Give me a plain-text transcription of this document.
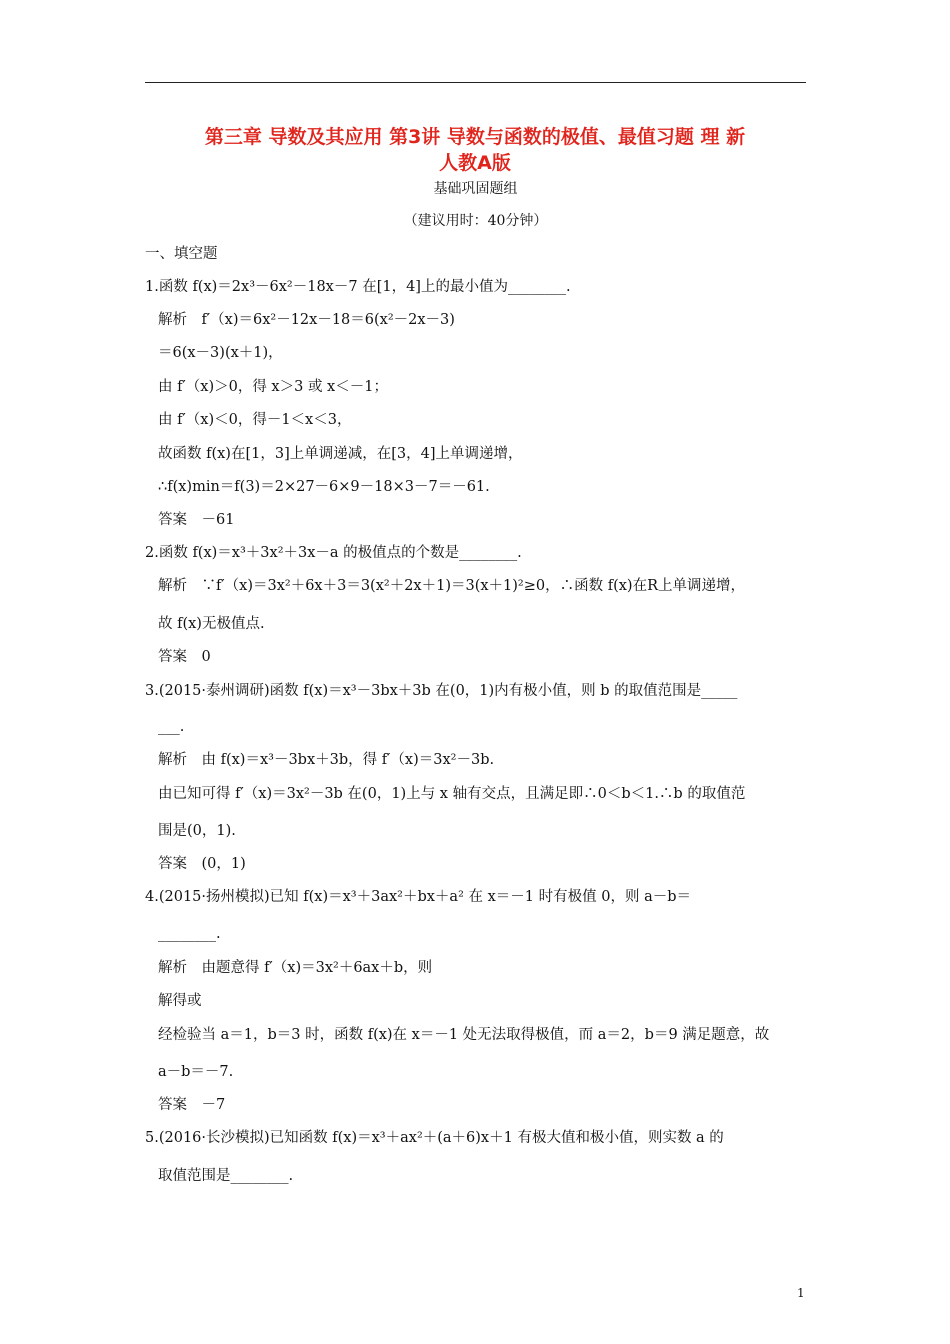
第三章 导数及其应用 第3讲 导数与函数的极值、最值习题 理 新
人教A版
基础巩固题组
（建议用时：40分钟）
一、填空题
1.函数 f(x)＝2x³－6x²－18x－7 在[1，4]上的最小值为________.
解析　f′（x)＝6x²－12x－18＝6(x²－2x－3)
＝6(x－3)(x＋1)，
由 f′（x)＞0，得 x＞3 或 x＜－1；
由 f′（x)＜0，得－1＜x＜3，
故函数 f(x)在[1，3]上单调递减，在[3，4]上单调递增，
∴f(x)min＝f(3)＝2×27－6×9－18×3－7＝－61.
答案　－61
2.函数 f(x)＝x³＋3x²＋3x－a 的极值点的个数是________.
解析　∵f′（x)＝3x²＋6x＋3＝3(x²＋2x＋1)＝3(x＋1)²≥0，∴函数 f(x)在R上单调递增，
故 f(x)无极值点.
答案　0
3.(2015·泰州调研)函数 f(x)＝x³－3bx＋3b 在(0，1)内有极小值，则 b 的取值范围是_____
___.
解析　由 f(x)＝x³－3bx＋3b，得 f′（x)＝3x²－3b.
由已知可得 f′（x)＝3x²－3b 在(0，1)上与 x 轴有交点，且满足即∴0＜b＜1.∴b 的取值范
围是(0，1).
答案　(0，1)
4.(2015·扬州模拟)已知 f(x)＝x³＋3ax²＋bx＋a² 在 x＝－1 时有极值 0，则 a－b＝
________.
解析　由题意得 f′（x)＝3x²＋6ax＋b，则
解得或
经检验当 a＝1，b＝3 时，函数 f(x)在 x＝－1 处无法取得极值，而 a＝2，b＝9 满足题意，故
a－b＝－7.
答案　－7
5.(2016·长沙模拟)已知函数 f(x)＝x³＋ax²＋(a＋6)x＋1 有极大值和极小值，则实数 a 的
取值范围是________.
1
